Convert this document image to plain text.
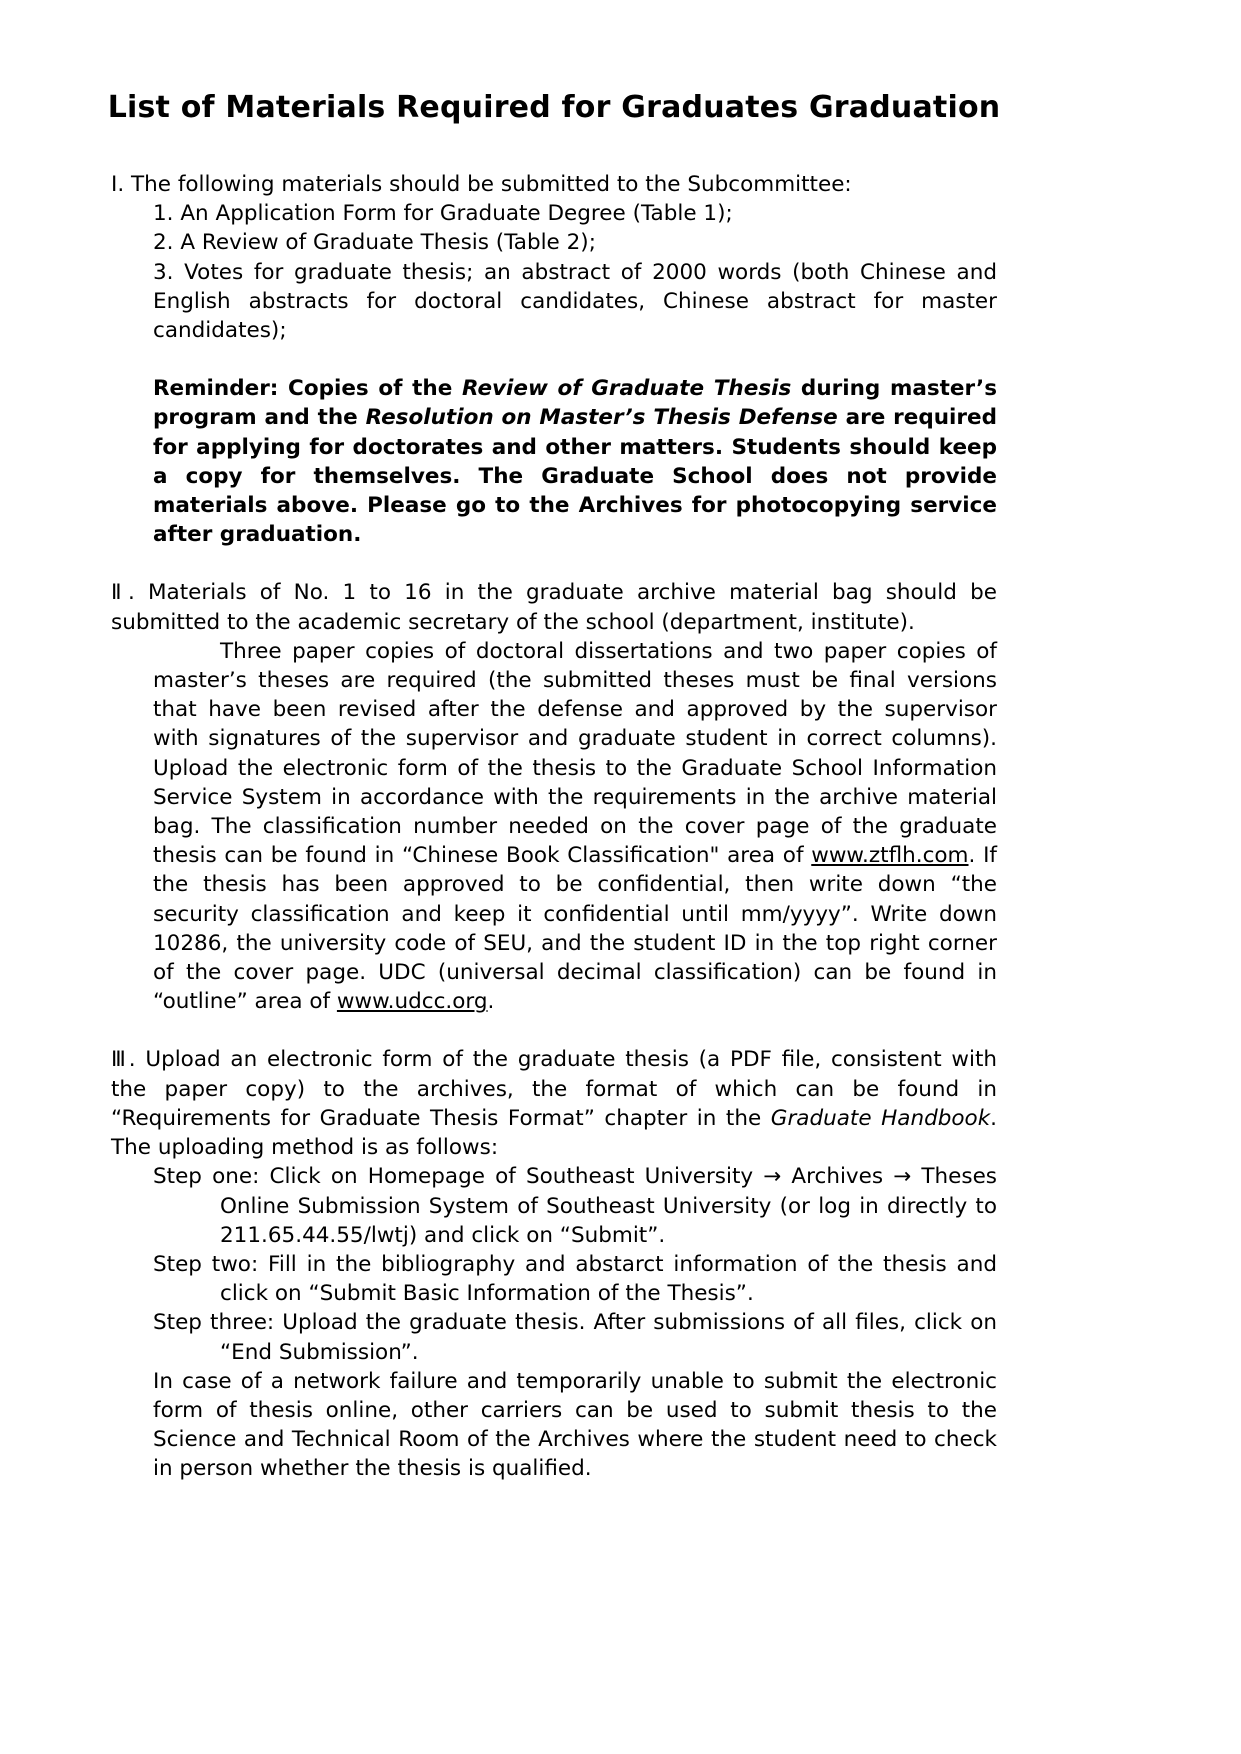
List of Materials Required for Graduates Graduation

I. The following materials should be submitted to the Subcommittee:

1. An Application Form for Graduate Degree (Table 1);

2. A Review of Graduate Thesis (Table 2);

3. Votes for graduate thesis; an abstract of 2000 words (both Chinese and English abstracts for doctoral candidates, Chinese abstract for master candidates);

Reminder: Copies of the Review of Graduate Thesis during master’s program and the Resolution on Master’s Thesis Defense are required for applying for doctorates and other matters. Students should keep a copy for themselves. The Graduate School does not provide materials above. Please go to the Archives for photocopying service after graduation.

Ⅱ. Materials of No. 1 to 16 in the graduate archive material bag should be submitted to the academic secretary of the school (department, institute).

Three paper copies of doctoral dissertations and two paper copies of master’s theses are required (the submitted theses must be final versions that have been revised after the defense and approved by the supervisor with signatures of the supervisor and graduate student in correct columns). Upload the electronic form of the thesis to the Graduate School Information Service System in accordance with the requirements in the archive material bag. The classification number needed on the cover page of the graduate thesis can be found in “Chinese Book Classification" area of www.ztflh.com. If the thesis has been approved to be confidential, then write down “the security classification and keep it confidential until mm/yyyy”. Write down 10286, the university code of SEU, and the student ID in the top right corner of the cover page. UDC (universal decimal classification) can be found in “outline” area of www.udcc.org.

Ⅲ. Upload an electronic form of the graduate thesis (a PDF file, consistent with the paper copy) to the archives, the format of which can be found in “Requirements for Graduate Thesis Format” chapter in the Graduate Handbook. The uploading method is as follows:

Step one: Click on Homepage of Southeast University → Archives → Theses Online Submission System of Southeast University (or log in directly to 211.65.44.55/lwtj) and click on “Submit”.

Step two: Fill in the bibliography and abstarct information of the thesis and click on “Submit Basic Information of the Thesis”.

Step three: Upload the graduate thesis. After submissions of all files, click on “End Submission”.

In case of a network failure and temporarily unable to submit the electronic form of thesis online, other carriers can be used to submit thesis to the Science and Technical Room of the Archives where the student need to check in person whether the thesis is qualified.
